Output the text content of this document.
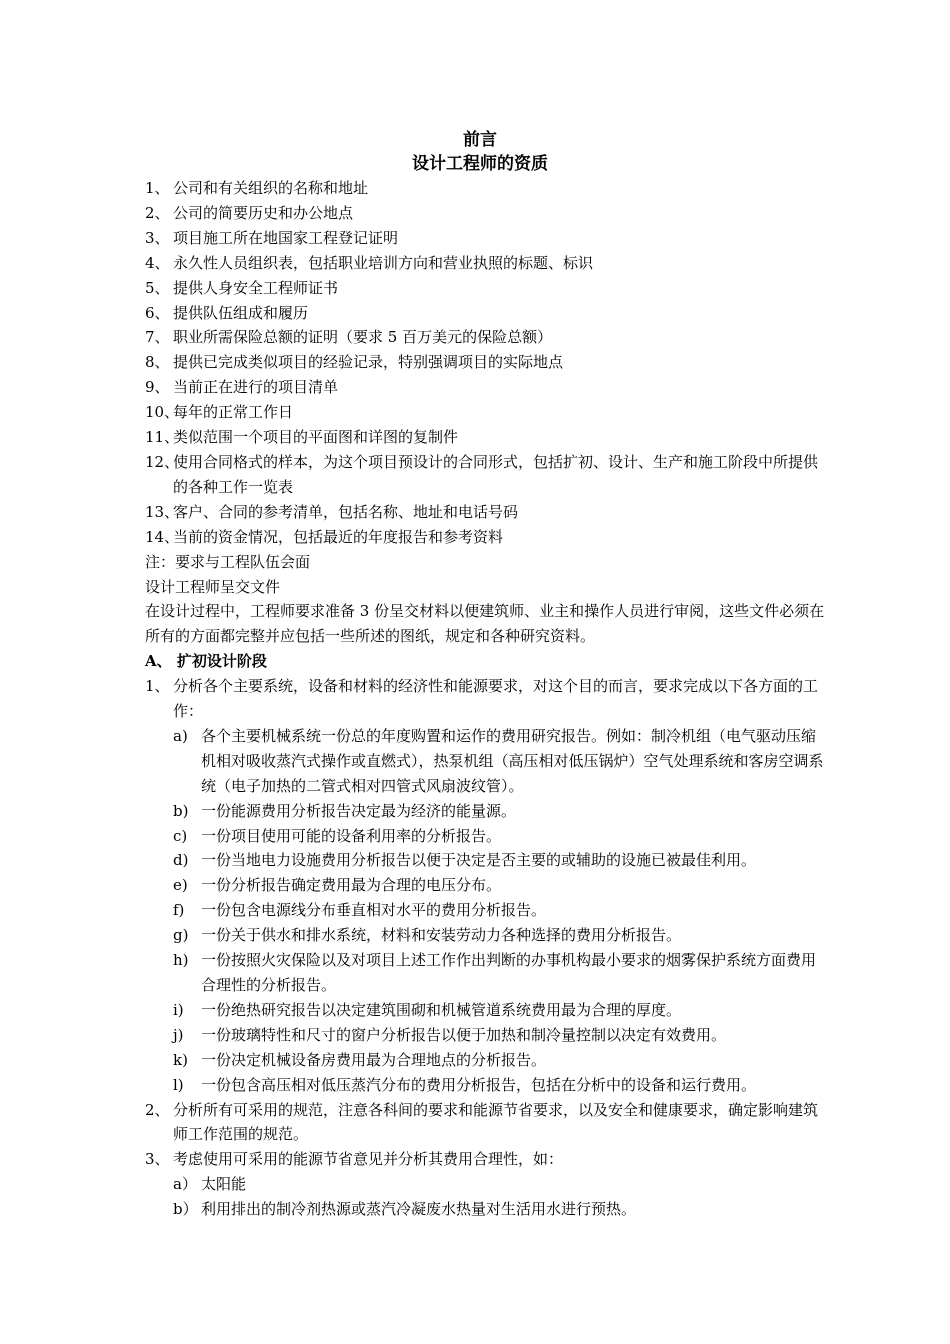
前言
设计工程师的资质
1、 公司和有关组织的名称和地址
2、 公司的简要历史和办公地点
3、 项目施工所在地国家工程登记证明
4、 永久性人员组织表，包括职业培训方向和营业执照的标题、标识
5、 提供人身安全工程师证书
6、 提供队伍组成和履历
7、 职业所需保险总额的证明（要求 5 百万美元的保险总额）
8、 提供已完成类似项目的经验记录，特别强调项目的实际地点
9、 当前正在进行的项目清单
10、
每年的正常工作日
11、
类似范围一个项目的平面图和详图的复制件
12、
使用合同格式的样本，为这个项目预设计的合同形式，包括扩初、设计、生产和施工阶段中所提供的各种工作一览表
13、
客户、合同的参考清单，包括名称、地址和电话号码
14、
当前的资金情况，包括最近的年度报告和参考资料
注：要求与工程队伍会面
设计工程师呈交文件
在设计过程中，工程师要求准备 3 份呈交材料以便建筑师、业主和操作人员进行审阅，这些文件必须在所有的方面都完整并应包括一些所述的图纸，规定和各种研究资料。
A、 扩初设计阶段
1、 分析各个主要系统，设备和材料的经济性和能源要求，对这个目的而言，要求完成以下各方面的工作：
a) 各个主要机械系统一份总的年度购置和运作的费用研究报告。例如：制冷机组（电气驱动压缩机相对吸收蒸汽式操作或直燃式），热泵机组（高压相对低压锅炉）空气处理系统和客房空调系统（电子加热的二管式相对四管式风扇波纹管）。
b) 一份能源费用分析报告决定最为经济的能量源。
c) 一份项目使用可能的设备利用率的分析报告。
d) 一份当地电力设施费用分析报告以便于决定是否主要的或辅助的设施已被最佳利用。
e) 一份分析报告确定费用最为合理的电压分布。
f)	一份包含电源线分布垂直相对水平的费用分析报告。
g) 一份关于供水和排水系统，材料和安装劳动力各种选择的费用分析报告。
h) 一份按照火灾保险以及对项目上述工作作出判断的办事机构最小要求的烟雾保护系统方面费用合理性的分析报告。
i)	一份绝热研究报告以决定建筑围砌和机械管道系统费用最为合理的厚度。
j)	一份玻璃特性和尺寸的窗户分析报告以便于加热和制冷量控制以决定有效费用。
k) 一份决定机械设备房费用最为合理地点的分析报告。
l)	一份包含高压相对低压蒸汽分布的费用分析报告，包括在分析中的设备和运行费用。
2、 分析所有可采用的规范，注意各科间的要求和能源节省要求，以及安全和健康要求，确定影响建筑师工作范围的规范。
3、 考虑使用可采用的能源节省意见并分析其费用合理性，如：
a） 太阳能
b） 利用排出的制冷剂热源或蒸汽冷凝废水热量对生活用水进行预热。
